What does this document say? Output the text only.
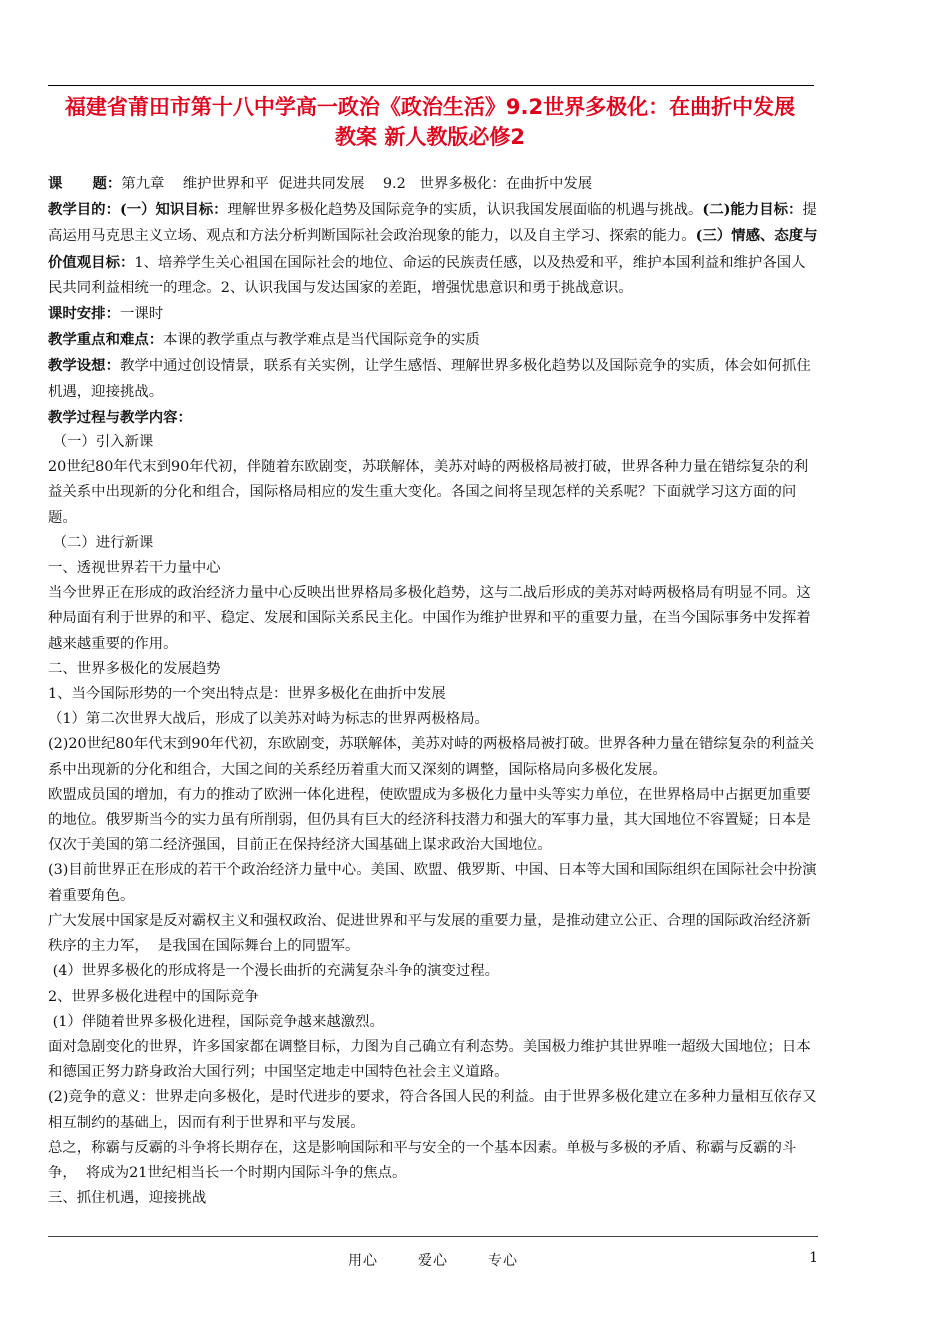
福建省莆田市第十八中学高一政治《政治生活》9.2世界多极化：在曲折中发展
教案 新人教版必修2

课      题：第九章    维护世界和平  促进共同发展    9.2   世界多极化：在曲折中发展

教学目的：(一）知识目标：理解世界多极化趋势及国际竞争的实质，认识我国发展面临的机遇与挑战。(二)能力目标：提高运用马克思主义立场、观点和方法分析判断国际社会政治现象的能力，以及自主学习、探索的能力。(三）情感、态度与价值观目标：1、培养学生关心祖国在国际社会的地位、命运的民族责任感，以及热爱和平，维护本国利益和维护各国人民共同利益相统一的理念。2、认识我国与发达国家的差距，增强忧患意识和勇于挑战意识。

课时安排：一课时

教学重点和难点：本课的教学重点与教学难点是当代国际竞争的实质

教学设想：教学中通过创设情景，联系有关实例，让学生感悟、理解世界多极化趋势以及国际竞争的实质，体会如何抓住机遇，迎接挑战。

教学过程与教学内容：

（一）引入新课

20世纪80年代末到90年代初，伴随着东欧剧变，苏联解体，美苏对峙的两极格局被打破，世界各种力量在错综复杂的利益关系中出现新的分化和组合，国际格局相应的发生重大变化。各国之间将呈现怎样的关系呢？下面就学习这方面的问题。

（二）进行新课

一、透视世界若干力量中心

当今世界正在形成的政治经济力量中心反映出世界格局多极化趋势，这与二战后形成的美苏对峙两极格局有明显不同。这种局面有利于世界的和平、稳定、发展和国际关系民主化。中国作为维护世界和平的重要力量，在当今国际事务中发挥着越来越重要的作用。

二、世界多极化的发展趋势

1、当今国际形势的一个突出特点是：世界多极化在曲折中发展

（1）第二次世界大战后，形成了以美苏对峙为标志的世界两极格局。

(2)20世纪80年代末到90年代初，东欧剧变，苏联解体，美苏对峙的两极格局被打破。世界各种力量在错综复杂的利益关系中出现新的分化和组合，大国之间的关系经历着重大而又深刻的调整，国际格局向多极化发展。

欧盟成员国的增加，有力的推动了欧洲一体化进程，使欧盟成为多极化力量中头等实力单位，在世界格局中占据更加重要的地位。俄罗斯当今的实力虽有所削弱，但仍具有巨大的经济科技潜力和强大的军事力量，其大国地位不容置疑；日本是仅次于美国的第二经济强国，目前正在保持经济大国基础上谋求政治大国地位。

(3)目前世界正在形成的若干个政治经济力量中心。美国、欧盟、俄罗斯、中国、日本等大国和国际组织在国际社会中扮演着重要角色。

广大发展中国家是反对霸权主义和强权政治、促进世界和平与发展的重要力量，是推动建立公正、合理的国际政治经济新秩序的主力军，  是我国在国际舞台上的同盟军。

(4）世界多极化的形成将是一个漫长曲折的充满复杂斗争的演变过程。

2、世界多极化进程中的国际竞争

(1）伴随着世界多极化进程，国际竞争越来越激烈。

面对急剧变化的世界，许多国家都在调整目标，力图为自己确立有利态势。美国极力维护其世界唯一超级大国地位；日本和德国正努力跻身政治大国行列；中国坚定地走中国特色社会主义道路。

(2)竞争的意义：世界走向多极化，是时代进步的要求，符合各国人民的利益。由于世界多极化建立在多种力量相互依存又相互制约的基础上，因而有利于世界和平与发展。

总之，称霸与反霸的斗争将长期存在，这是影响国际和平与安全的一个基本因素。单极与多极的矛盾、称霸与反霸的斗争，  将成为21世纪相当长一个时期内国际斗争的焦点。

三、抓住机遇，迎接挑战

用心	爱心	专心	1
